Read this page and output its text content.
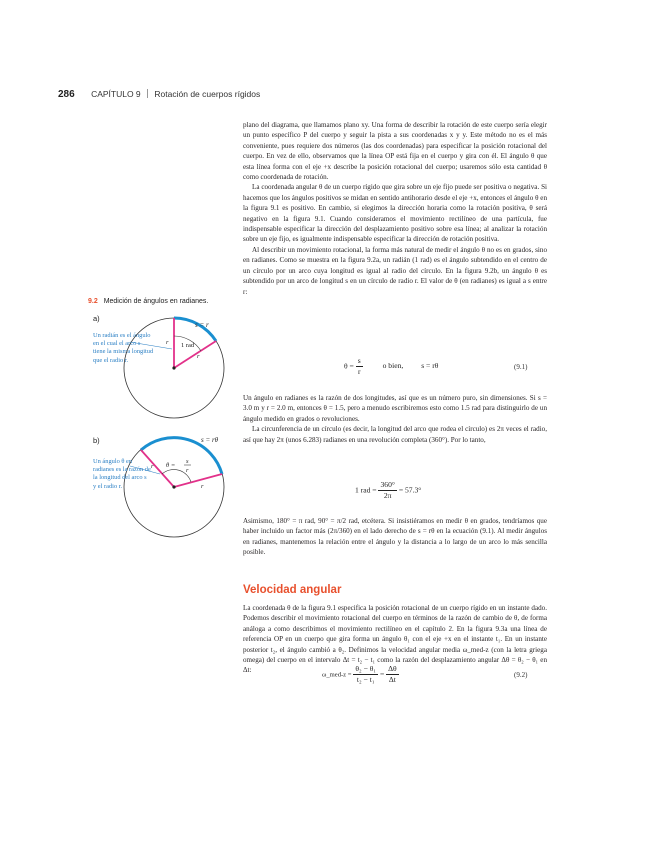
286 CAPÍTULO 9 Rotación de cuerpos rígidos

plano del diagrama, que llamamos plano xy. Una forma de describir la rotación de este cuerpo sería elegir un punto específico P del cuerpo y seguir la pista a sus coordenadas x y y. Este método no es el más conveniente, pues requiere dos números (las dos coordenadas) para especificar la posición rotacional del cuerpo. En vez de ello, observamos que la línea OP está fija en el cuerpo y gira con él. El ángulo θ que esta línea forma con el eje +x describe la posición rotacional del cuerpo; usaremos sólo esta cantidad θ como coordenada de rotación.

La coordenada angular θ de un cuerpo rígido que gira sobre un eje fijo puede ser positiva o negativa. Si hacemos que los ángulos positivos se midan en sentido antihorario desde el eje +x, entonces el ángulo θ en la figura 9.1 es positivo. En cambio, si elegimos la dirección horaria como la rotación positiva, θ será negativo en la figura 9.1. Cuando consideramos el movimiento rectilíneo de una partícula, fue indispensable especificar la dirección del desplazamiento positivo sobre esa línea; al analizar la rotación sobre un eje fijo, es igualmente indispensable especificar la dirección de rotación positiva.

Al describir un movimiento rotacional, la forma más natural de medir el ángulo θ no es en grados, sino en radianes. Como se muestra en la figura 9.2a, un radián (1 rad) es el ángulo subtendido en el centro de un círculo por un arco cuya longitud es igual al radio del círculo. En la figura 9.2b, un ángulo θ es subtendido por un arco de longitud s en un círculo de radio r. El valor de θ (en radianes) es igual a s entre r:

$\theta = \frac{s}{r}$	o bien, s = rθ	(9.1)

Un ángulo en radianes es la razón de dos longitudes, así que es un número puro, sin dimensiones. Si s = 3.0 m y r = 2.0 m, entonces θ = 1.5, pero a menudo escribiremos esto como 1.5 rad para distinguirlo de un ángulo medido en grados o revoluciones.

La circunferencia de un círculo (es decir, la longitud del arco que rodea el círculo) es 2π veces el radio, así que hay 2π (unos 6.283) radianes en una revolución completa (360°). Por lo tanto,

1 rad = $\frac{360^\circ}{2\pi} = 57.3^\circ$

Asimismo, 180° = π rad, 90° = π/2 rad, etcétera. Si insistiéramos en medir θ en grados, tendríamos que haber incluido un factor más (2π/360) en el lado derecho de s = rθ en la ecuación (9.1). Al medir ángulos en radianes, mantenemos la relación entre el ángulo y la distancia a lo largo de un arco lo más sencilla posible.

Velocidad angular

La coordenada θ de la figura 9.1 especifica la posición rotacional de un cuerpo rígido en un instante dado. Podemos describir el movimiento rotacional del cuerpo en términos de la razón de cambio de θ, de forma análoga a como describimos el movimiento rectilíneo en el capítulo 2. En la figura 9.3a una línea de referencia OP en un cuerpo que gira forma un ángulo θ₁ con el eje +x en el instante t₁. En un instante posterior t₂, el ángulo cambió a θ₂. Definimos la velocidad angular media ω_med-z (con la letra griega omega) del cuerpo en el intervalo Δt = t₂ − t₁ como la razón del desplazamiento angular Δθ = θ₂ − θ₁ en Δt:

ω_med-z = $\frac{\text{θ₂ − θ₁}}{\text{t₂ − t₁}} = \frac{\Delta\theta}{\Delta t}$	(9.2)
9.2 Medición de ángulos en radianes.
a)
Un radián es el ángulo
en el cual el arco s
tiene la misma longitud
que el radio r.
s = r
1 rad
r
r
s = rθ
θ =
s
r
r
r
b)
Un ángulo θ en
radianes es la razón de
la longitud del arco s
y el radio r.
